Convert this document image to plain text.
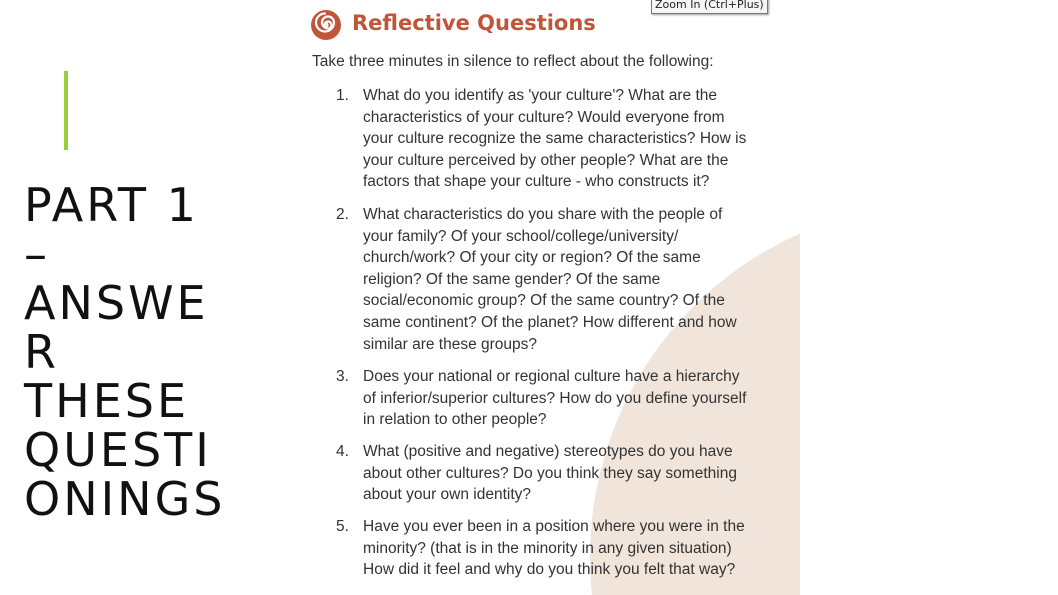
PART 1
–
ANSWE
R
THESE
QUESTI
ONINGS
Zoom In (Ctrl+Plus)
Reflective Questions
Take three minutes in silence to reflect about the following:
1. What do you identify as 'your culture'? What are the
characteristics of your culture? Would everyone from
your culture recognize the same characteristics? How is
your culture perceived by other people? What are the
factors that shape your culture - who constructs it?
2. What characteristics do you share with the people of
your family? Of your school/college/university/
church/work? Of your city or region? Of the same
religion? Of the same gender? Of the same
social/economic group? Of the same country? Of the
same continent? Of the planet? How different and how
similar are these groups?
3. Does your national or regional culture have a hierarchy
of inferior/superior cultures? How do you define yourself
in relation to other people?
4. What (positive and negative) stereotypes do you have
about other cultures? Do you think they say something
about your own identity?
5. Have you ever been in a position where you were in the
minority? (that is in the minority in any given situation)
How did it feel and why do you think you felt that way?
